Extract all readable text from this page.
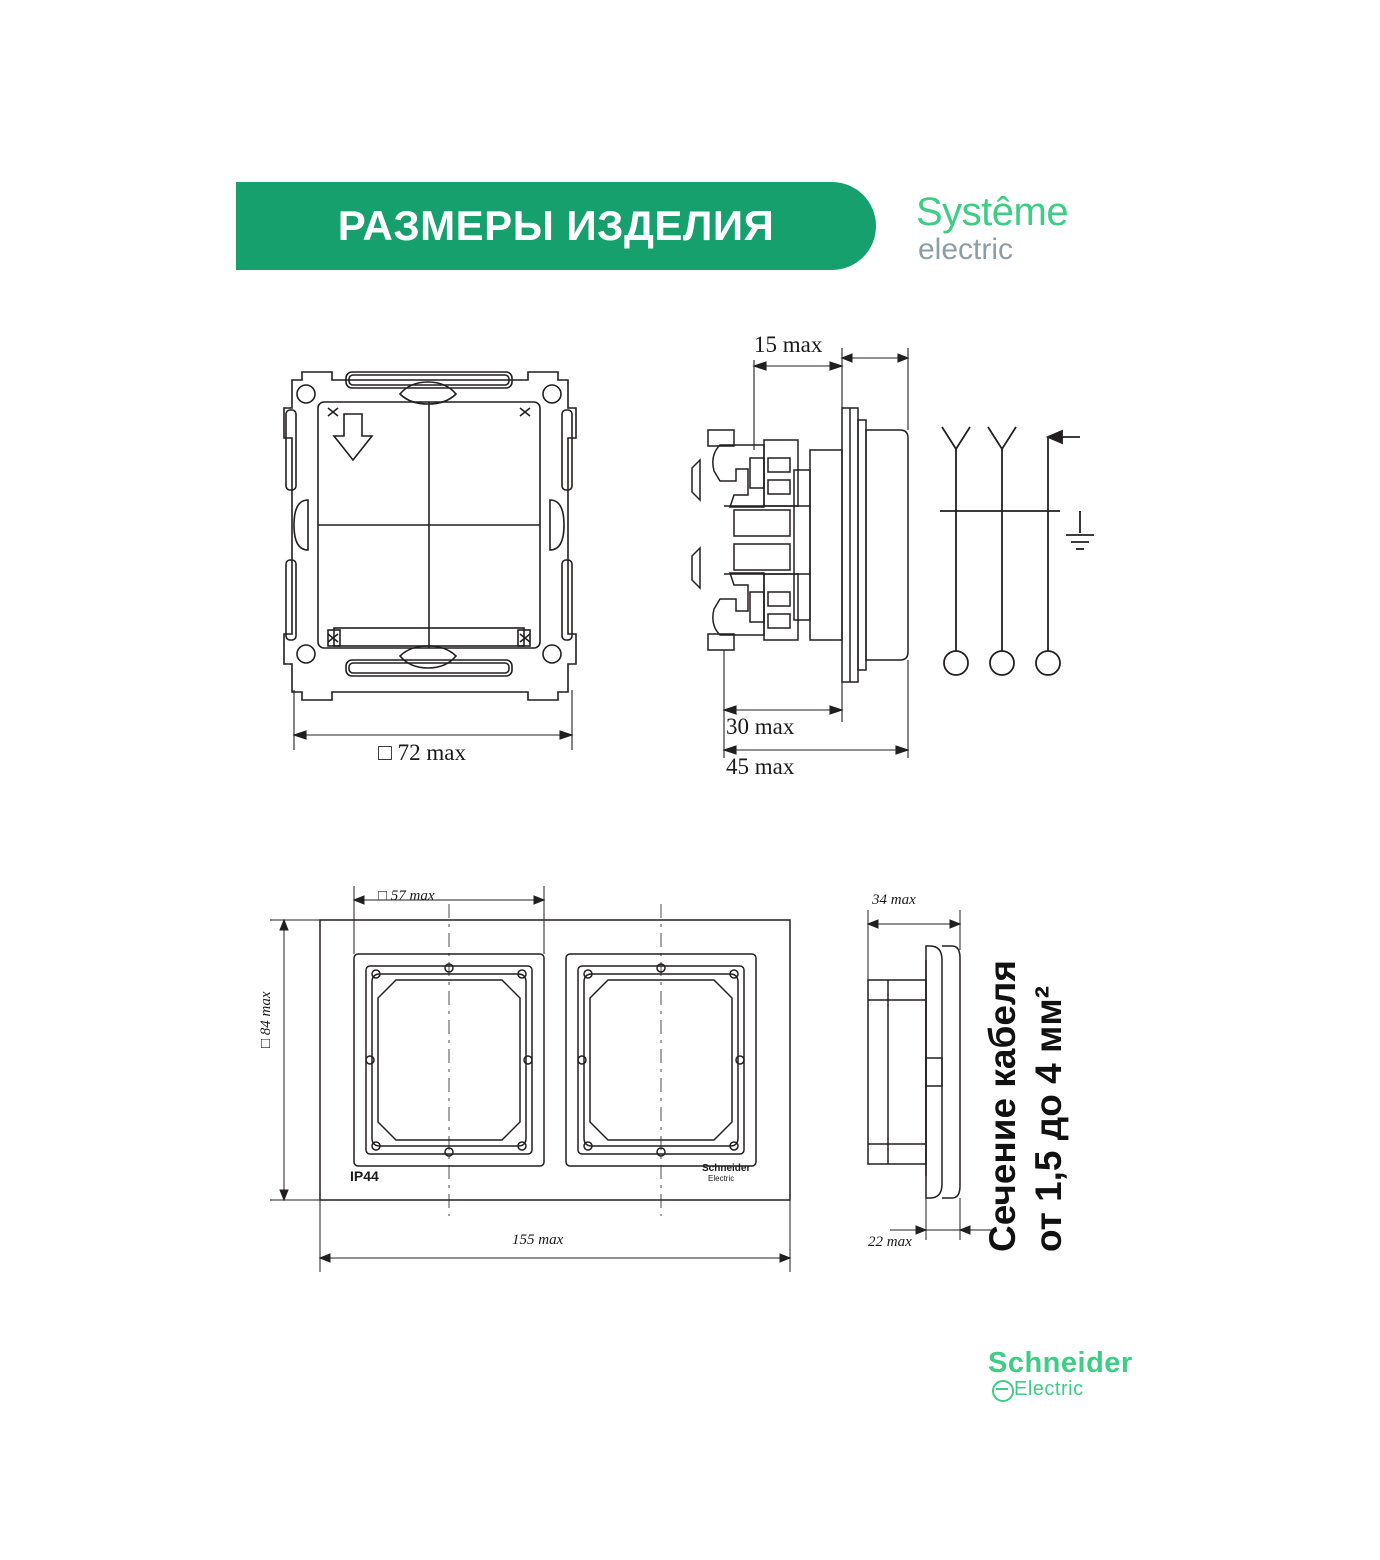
РАЗМЕРЫ ИЗДЕЛИЯ	Systême
electric
□ 72 max
15 max
30 max
45 max
□ 57 max
□ 84 max
155 max
IP44	Schneider
Electric
34 max
22 max Сечение кабеля от 1,5 до 4 мм²
Schneider
Electric
